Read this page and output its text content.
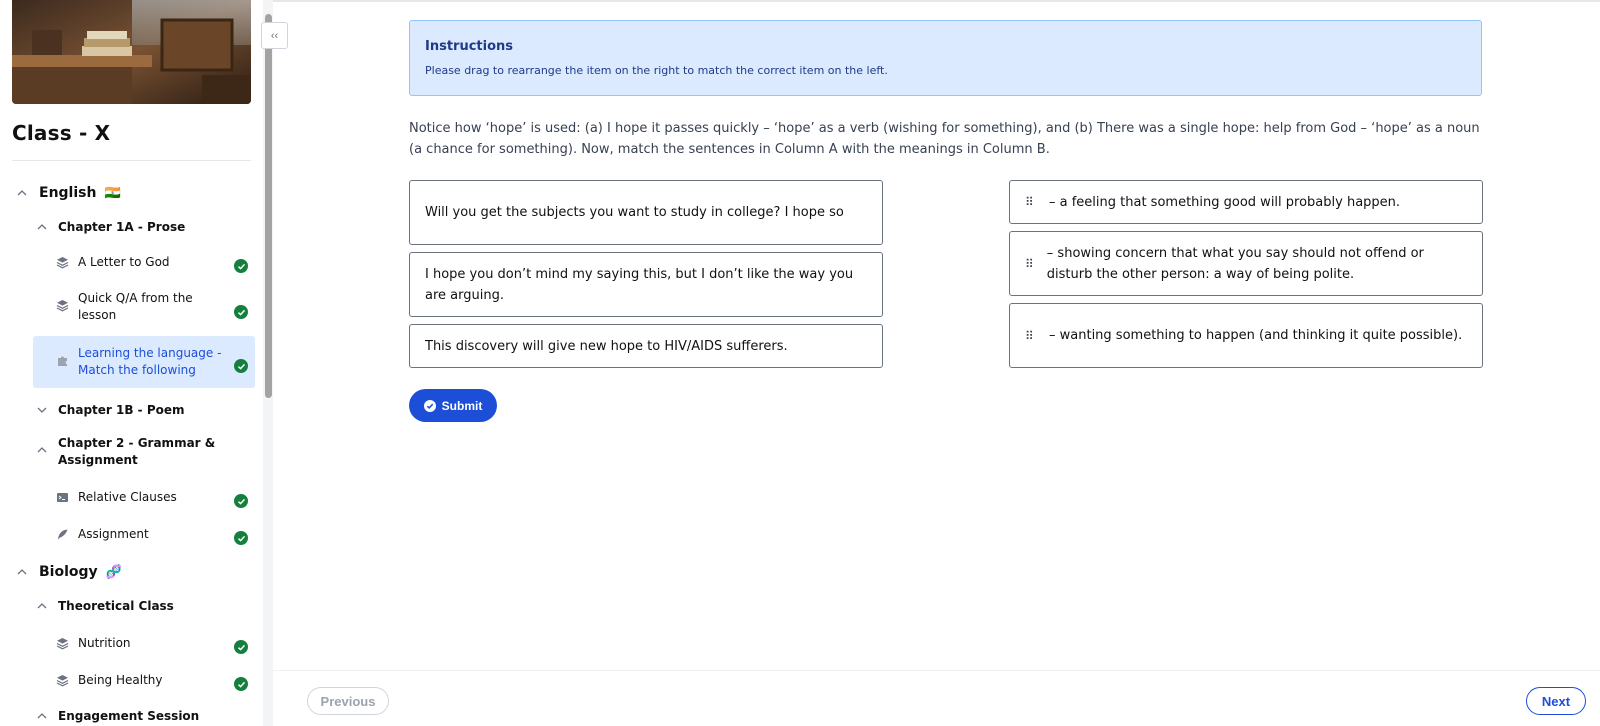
Class - X
English 🇮🇳
Chapter 1A - Prose
A Letter to God
Quick Q/A from the lesson
Learning the language - Match the following
Chapter 1B - Poem
Chapter 2 - Grammar & Assignment
Relative Clauses
Assignment
Biology 🧬
Theoretical Class
Nutrition
Being Healthy
Engagement Session
‹‹
Instructions
Please drag to rearrange the item on the right to match the correct item on the left.

Notice how ‘hope’ is used: (a) I hope it passes quickly – ‘hope’ as a verb (wishing for something), and (b) There was a single hope: help from God – ‘hope’ as a noun (a chance for something). Now, match the sentences in Column A with the meanings in Column B.

Will you get the subjects you want to study in college? I hope so
I hope you don’t mind my saying this, but I don’t like the way you are arguing.
This discovery will give new hope to HIV/AIDS sufferers.
⠿ – a feeling that something good will probably happen.
⠿
– showing concern that what you say should not offend or disturb the other person: a way of being polite.
⠿ – wanting something to happen (and thinking it quite possible).
Submit
Previous	Next
